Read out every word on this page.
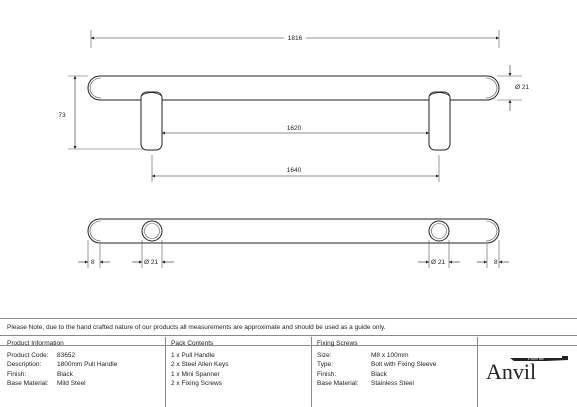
1816
73
Ø 21
1620
1640
8	Ø 21	Ø 21	8
Please Note, due to the hand crafted nature of our products all measurements are approximate and should be used as a guide only.
Product Information	Pack Contents	Fixing Screws
Product Code: 83652
Description: 1800mm Pull Handle
Finish:	Black
Base Material: Mild Steel
1 x Pull Handle
2 x Steel Allen Keys
1 x Mini Spanner
2 x Fixing Screws
Size:	M8 x 100mm
Type:	Bolt with Fixing Sleeve
Finish:	Black
Base Material: Stainless Steel
From the
Anvil
